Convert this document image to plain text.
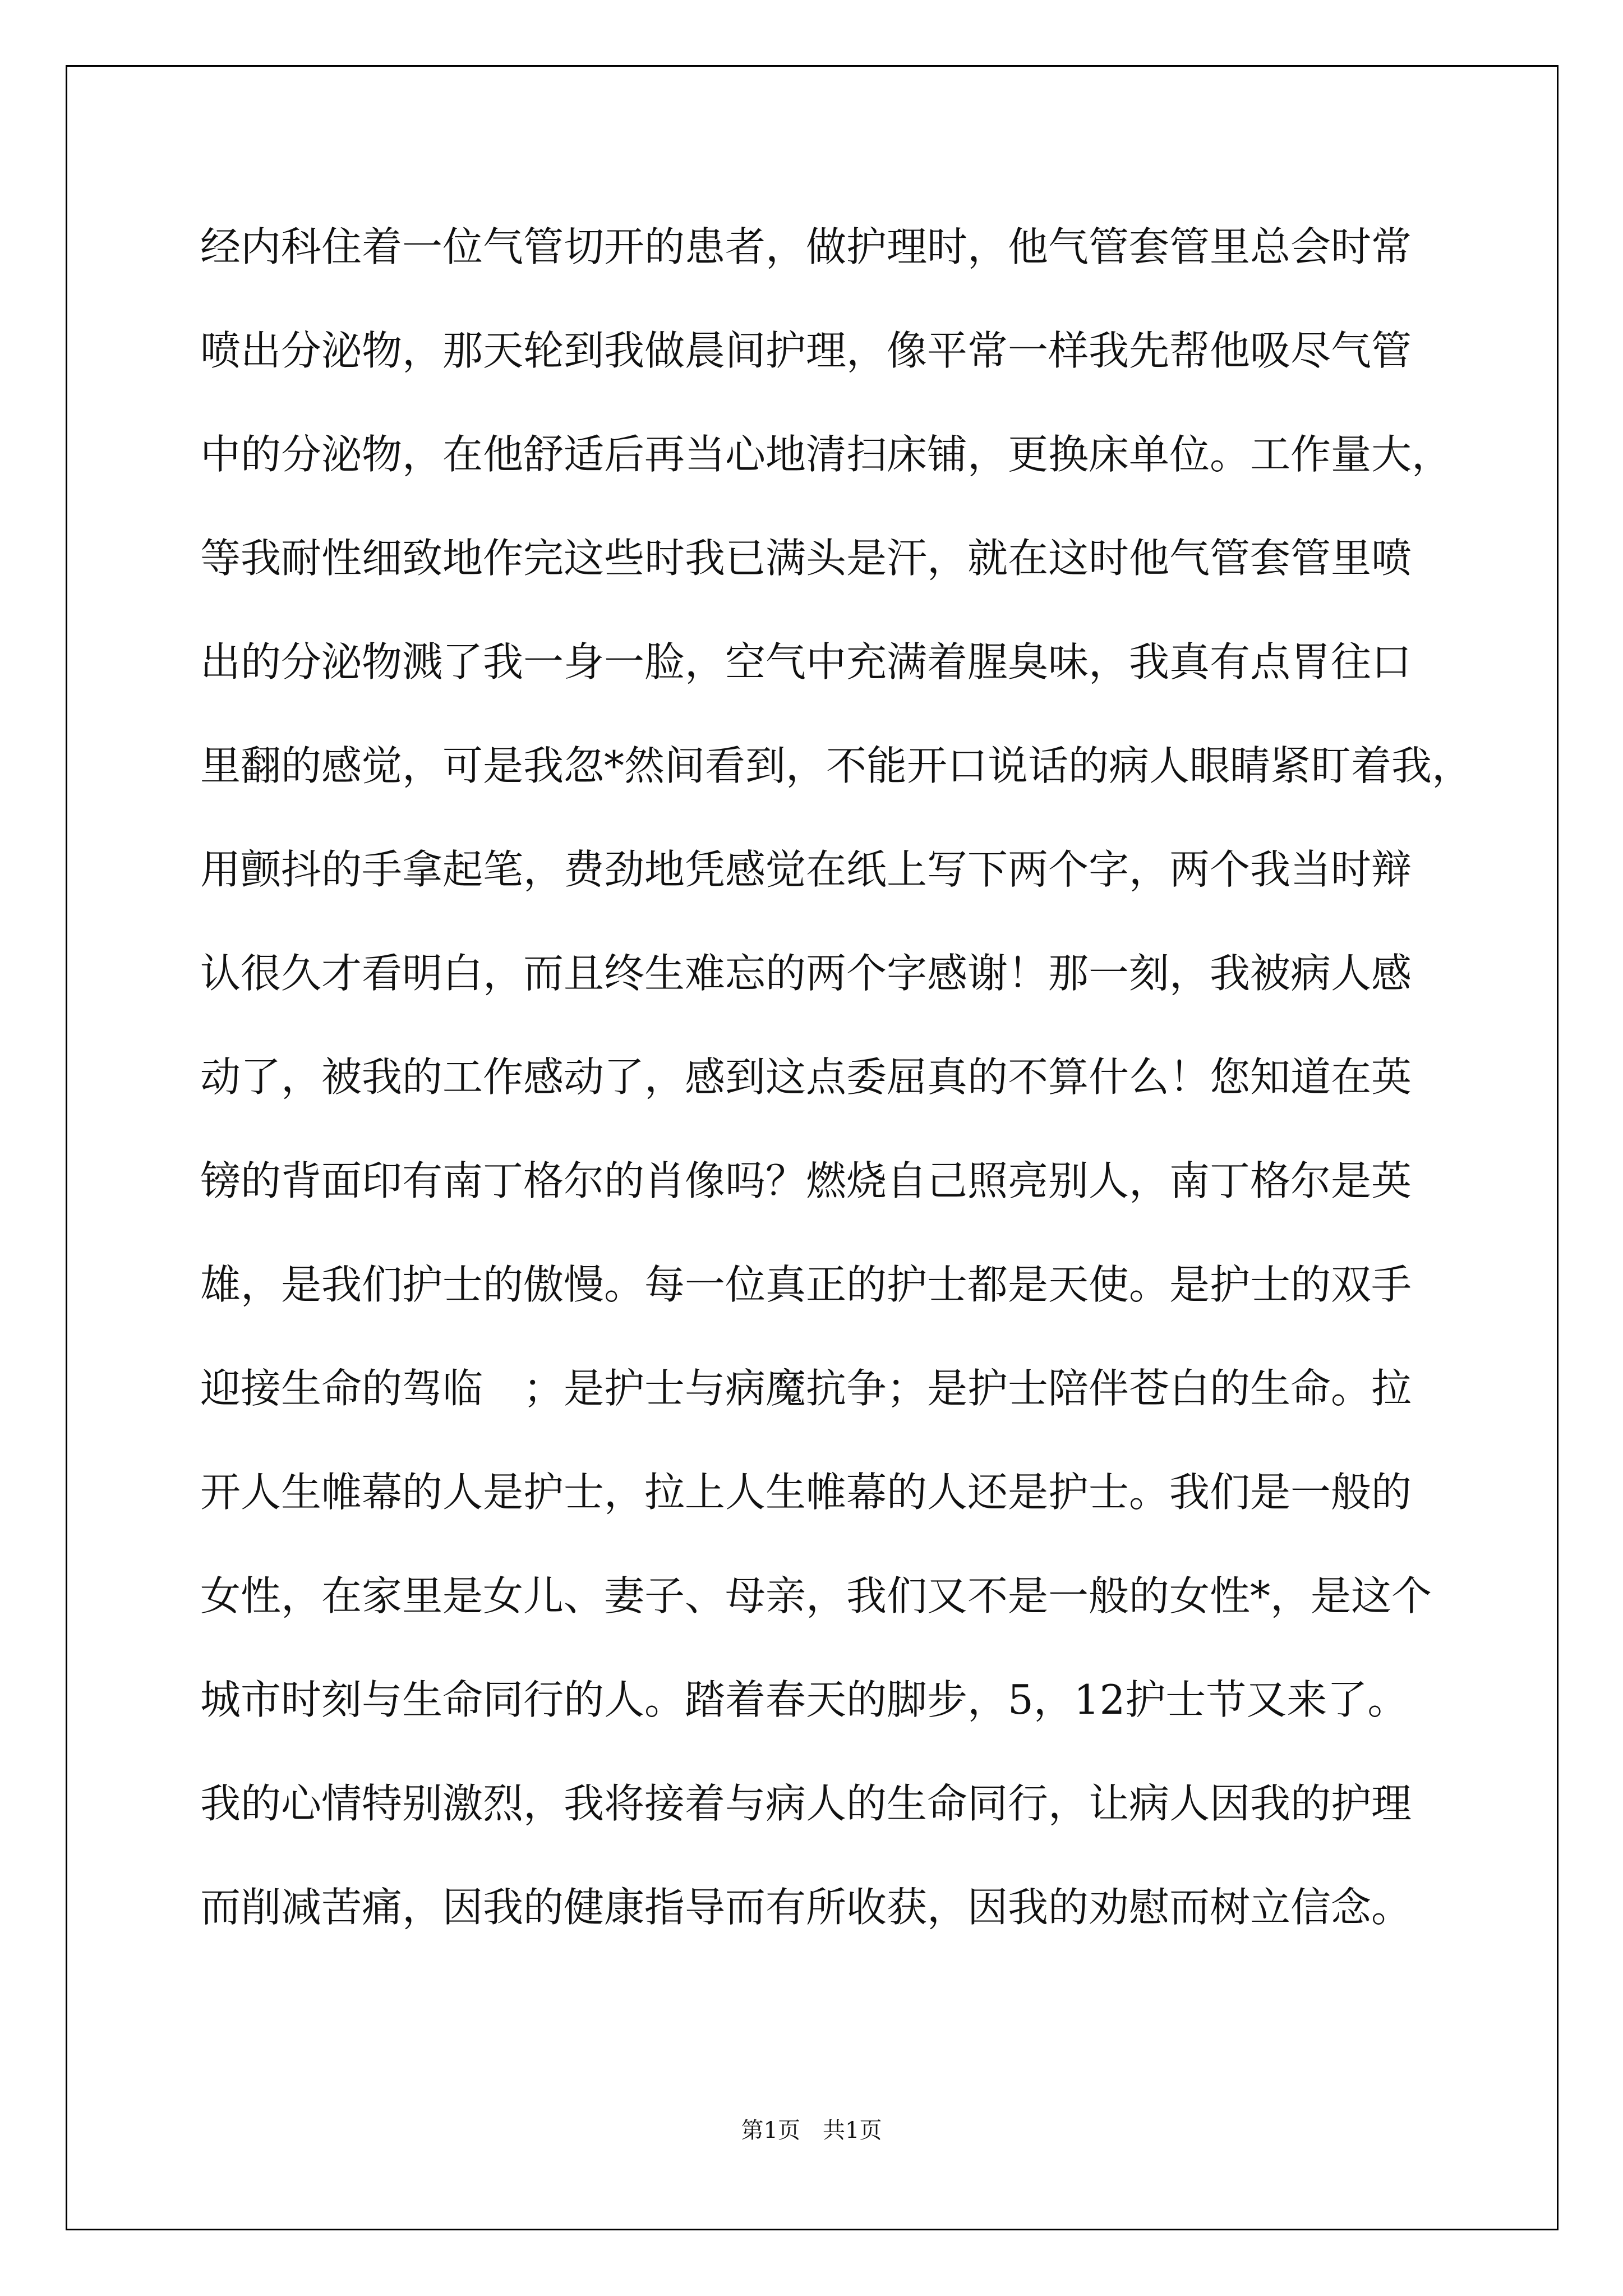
经内科住着一位气管切开的患者，做护理时，他气管套管里总会时常
喷出分泌物，那天轮到我做晨间护理，像平常一样我先帮他吸尽气管
中的分泌物，在他舒适后再当心地清扫床铺，更换床单位。工作量大，
等我耐性细致地作完这些时我已满头是汗，就在这时他气管套管里喷
出的分泌物溅了我一身一脸，空气中充满着腥臭味，我真有点胃往口
里翻的感觉，可是我忽*然间看到，不能开口说话的病人眼睛紧盯着我，
用颤抖的手拿起笔，费劲地凭感觉在纸上写下两个字，两个我当时辩
认很久才看明白，而且终生难忘的两个字感谢！那一刻，我被病人感
动了，被我的工作感动了，感到这点委屈真的不算什么！您知道在英
镑的背面印有南丁格尔的肖像吗？燃烧自己照亮别人，南丁格尔是英
雄，是我们护士的傲慢。每一位真正的护士都是天使。是护士的双手
迎接生命的驾临　；是护士与病魔抗争；是护士陪伴苍白的生命。拉
开人生帷幕的人是护士，拉上人生帷幕的人还是护士。我们是一般的
女性，在家里是女儿、妻子、母亲，我们又不是一般的女性*，是这个
城市时刻与生命同行的人。踏着春天的脚步，5，12护士节又来了。
我的心情特别激烈，我将接着与病人的生命同行，让病人因我的护理
而削减苦痛，因我的健康指导而有所收获，因我的劝慰而树立信念。
第1页　共1页
